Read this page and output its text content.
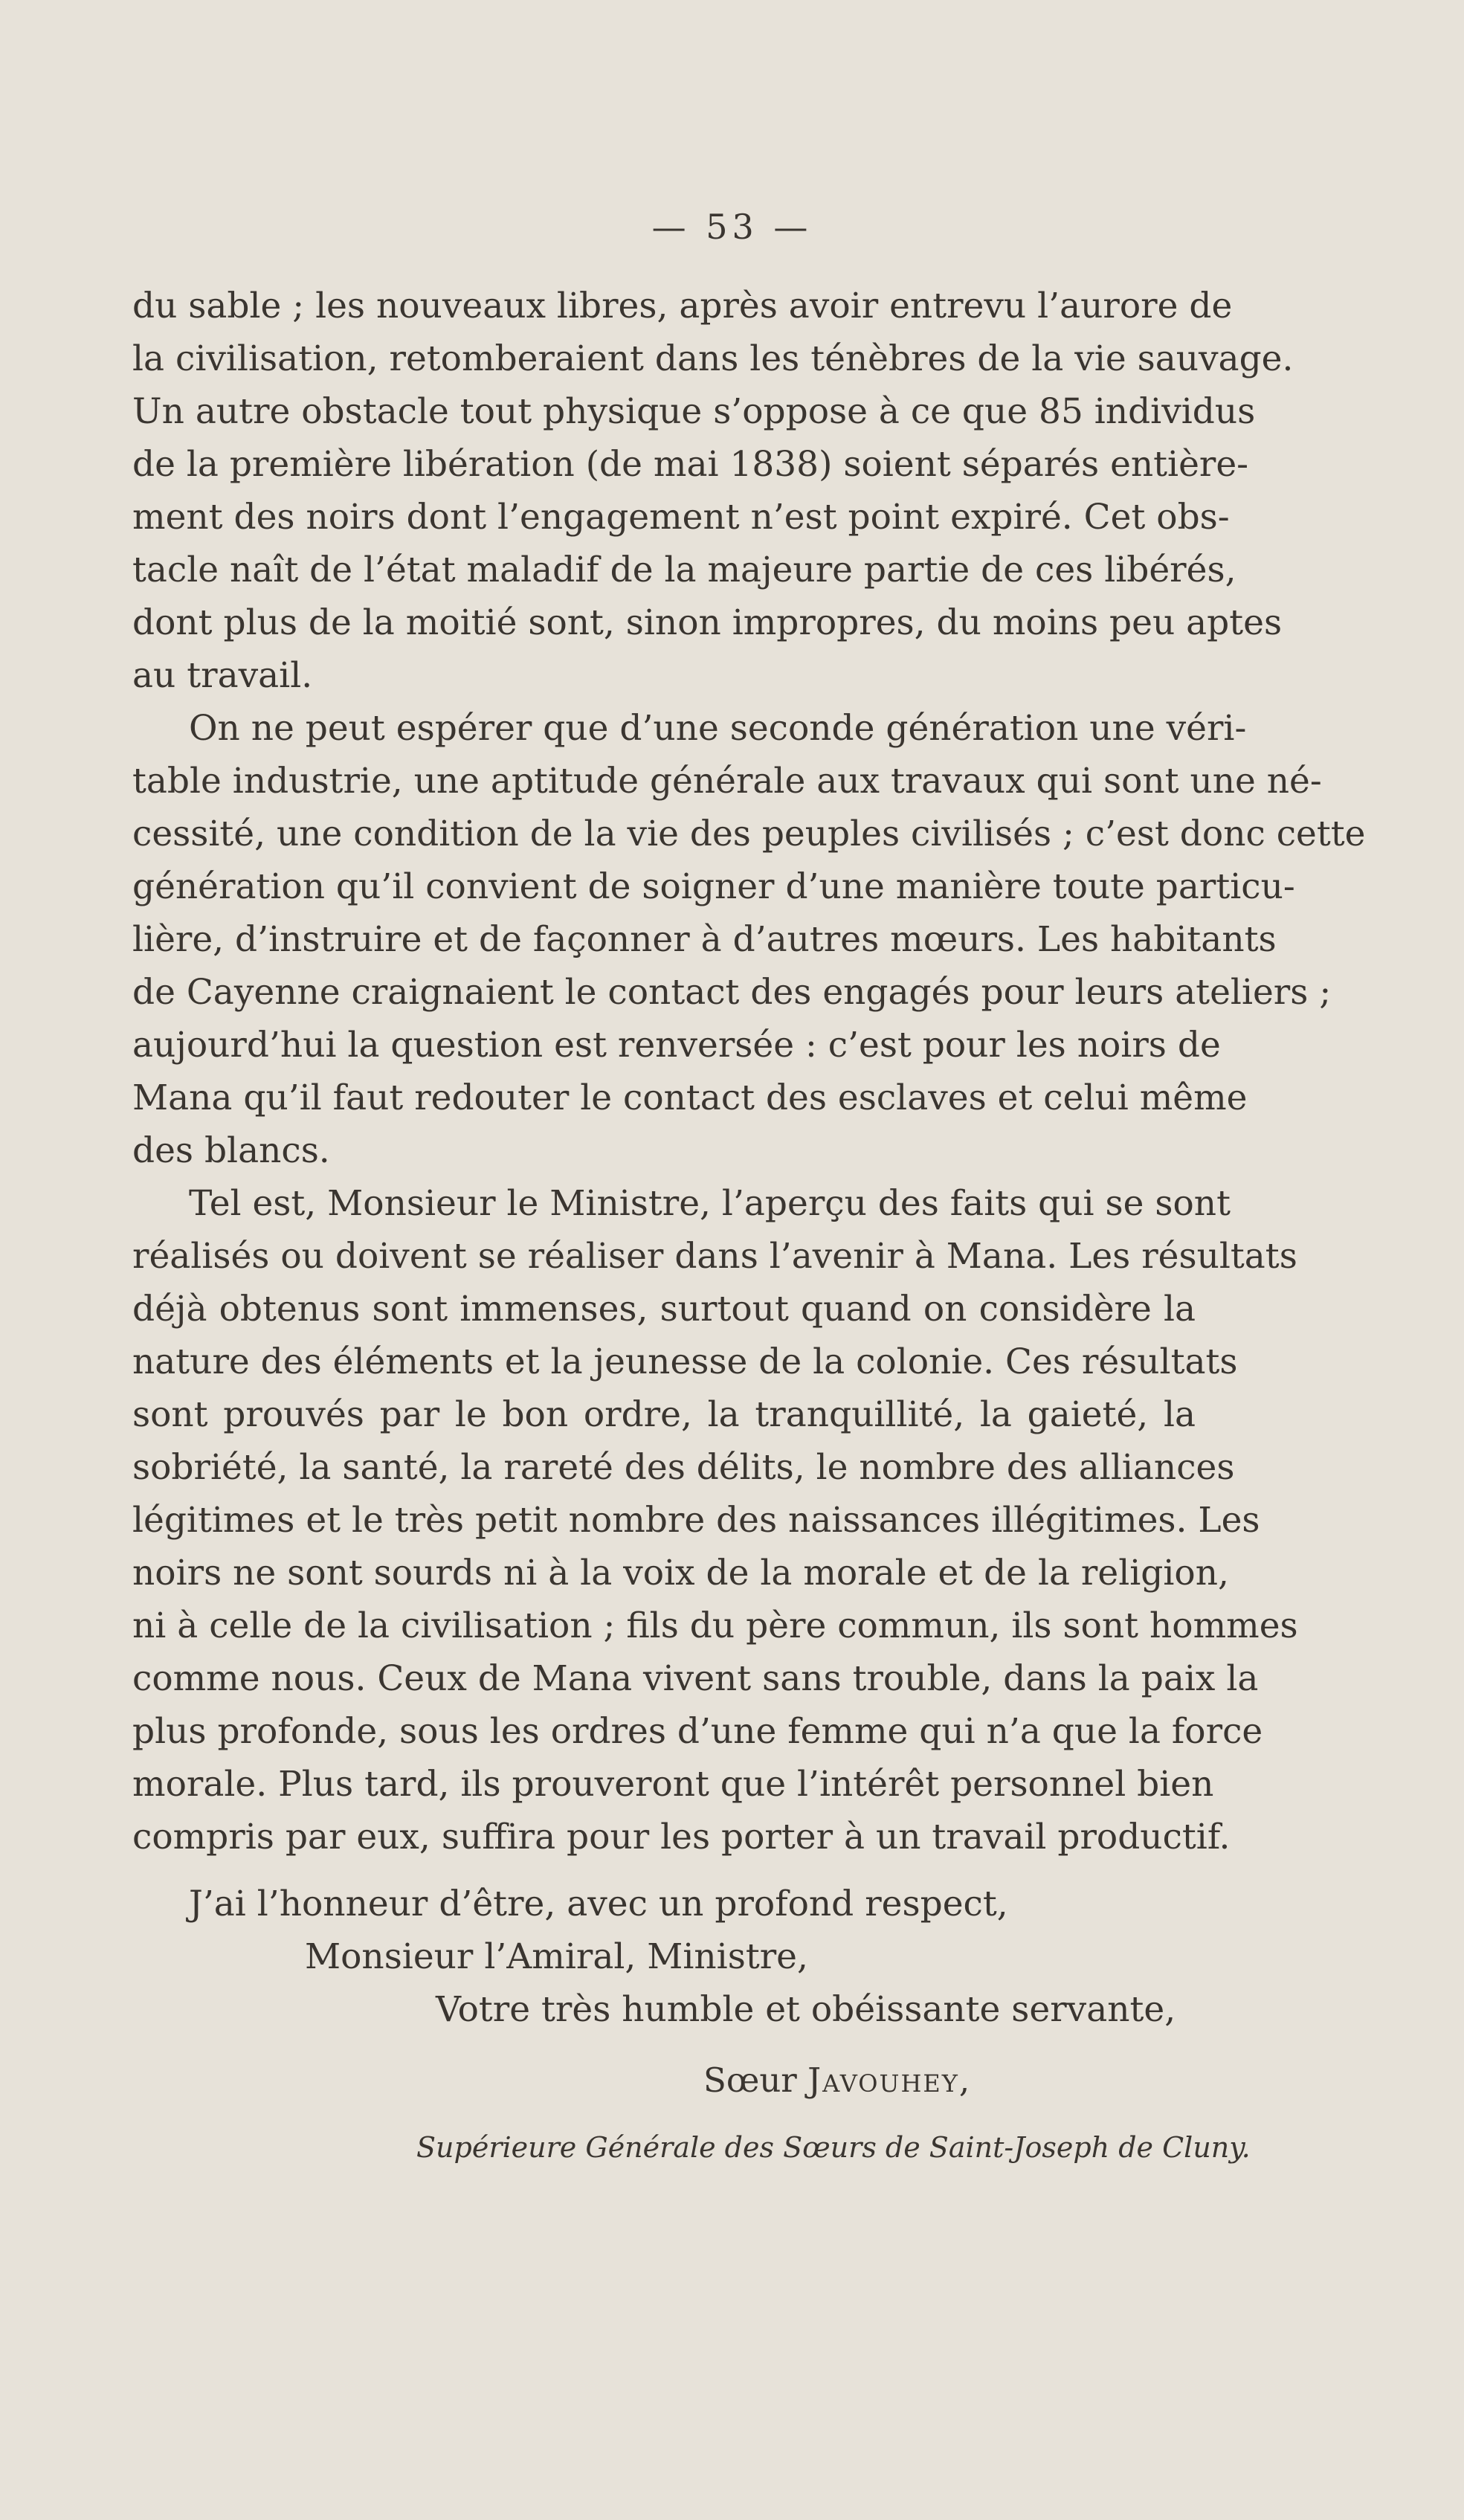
— 53 —
du sable ; les nouveaux libres, après avoir entrevu l’aurore de
la civilisation, retomberaient dans les ténèbres de la vie sauvage.
Un autre obstacle tout physique s’oppose à ce que 85 individus
de la première libération (de mai 1838) soient séparés entière-
ment des noirs dont l’engagement n’est point expiré. Cet obs-
tacle naît de l’état maladif de la majeure partie de ces libérés,
dont plus de la moitié sont, sinon impropres, du moins peu aptes
au travail.
On ne peut espérer que d’une seconde génération une véri-
table industrie, une aptitude générale aux travaux qui sont une né-
cessité, une condition de la vie des peuples civilisés ; c’est donc cette
génération qu’il convient de soigner d’une manière toute particu-
lière, d’instruire et de façonner à d’autres mœurs. Les habitants
de Cayenne craignaient le contact des engagés pour leurs ateliers ;
aujourd’hui la question est renversée : c’est pour les noirs de
Mana qu’il faut redouter le contact des esclaves et celui même
des blancs.
Tel est, Monsieur le Ministre, l’aperçu des faits qui se sont
réalisés ou doivent se réaliser dans l’avenir à Mana. Les résultats
déjà obtenus sont immenses, surtout quand on considère la
nature des éléments et la jeunesse de la colonie. Ces résultats
sont prouvés par le bon ordre, la tranquillité, la gaieté, la
sobriété, la santé, la rareté des délits, le nombre des alliances
légitimes et le très petit nombre des naissances illégitimes. Les
noirs ne sont sourds ni à la voix de la morale et de la religion,
ni à celle de la civilisation ; fils du père commun, ils sont hommes
comme nous. Ceux de Mana vivent sans trouble, dans la paix la
plus profonde, sous les ordres d’une femme qui n’a que la force
morale. Plus tard, ils prouveront que l’intérêt personnel bien
compris par eux, suffira pour les porter à un travail productif.
J’ai l’honneur d’être, avec un profond respect,
Monsieur l’Amiral, Ministre,
Votre très humble et obéissante servante,
Sœur Javouhey,
Supérieure Générale des Sœurs de Saint-Joseph de Cluny.
